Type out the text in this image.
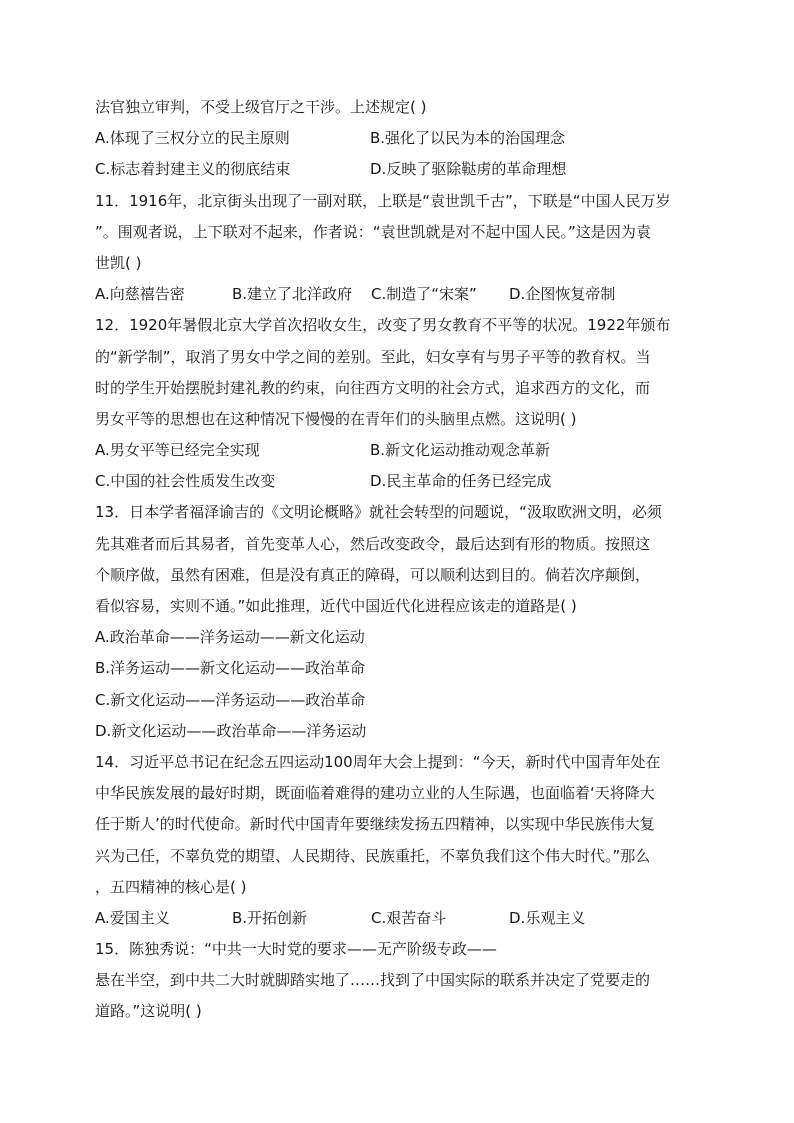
法官独立审判，不受上级官厅之干涉。上述规定( )
A.体现了三权分立的民主原则	B.强化了以民为本的治国理念
C.标志着封建主义的彻底结束	D.反映了驱除鞑虏的革命理想
11．1916年，北京街头出现了一副对联，上联是“袁世凯千古”，下联是“中国人民万岁
”。围观者说，上下联对不起来，作者说：“袁世凯就是对不起中国人民。”这是因为袁
世凯( )
A.向慈禧告密	B.建立了北洋政府 C.制造了“宋案” D.企图恢复帝制
12．1920年暑假北京大学首次招收女生，改变了男女教育不平等的状况。1922年颁布
的“新学制”，取消了男女中学之间的差别。至此，妇女享有与男子平等的教育权。当
时的学生开始摆脱封建礼教的约束，向往西方文明的社会方式，追求西方的文化，而
男女平等的思想也在这种情况下慢慢的在青年们的头脑里点燃。这说明( )
A.男女平等已经完全实现	B.新文化运动推动观念革新
C.中国的社会性质发生改变	D.民主革命的任务已经完成
13．日本学者福泽谕吉的《文明论概略》就社会转型的问题说，“汲取欧洲文明，必须
先其难者而后其易者，首先变革人心，然后改变政令，最后达到有形的物质。按照这
个顺序做，虽然有困难，但是没有真正的障碍，可以顺利达到目的。倘若次序颠倒，
看似容易，实则不通。”如此推理，近代中国近代化进程应该走的道路是( )
A.政治革命——洋务运动——新文化运动
B.洋务运动——新文化运动——政治革命
C.新文化运动——洋务运动——政治革命
D.新文化运动——政治革命——洋务运动
14．习近平总书记在纪念五四运动100周年大会上提到：“今天，新时代中国青年处在
中华民族发展的最好时期，既面临着难得的建功立业的人生际遇，也面临着‘天将降大
任于斯人’的时代使命。新时代中国青年要继续发扬五四精神，以实现中华民族伟大复
兴为己任，不辜负党的期望、人民期待、民族重托，不辜负我们这个伟大时代。”那么
，五四精神的核心是( )
A.爱国主义	B.开拓创新	C.艰苦奋斗	D.乐观主义
15．陈独秀说：“中共一大时党的要求——无产阶级专政——
悬在半空，到中共二大时就脚踏实地了……找到了中国实际的联系并决定了党要走的
道路。”这说明( )
